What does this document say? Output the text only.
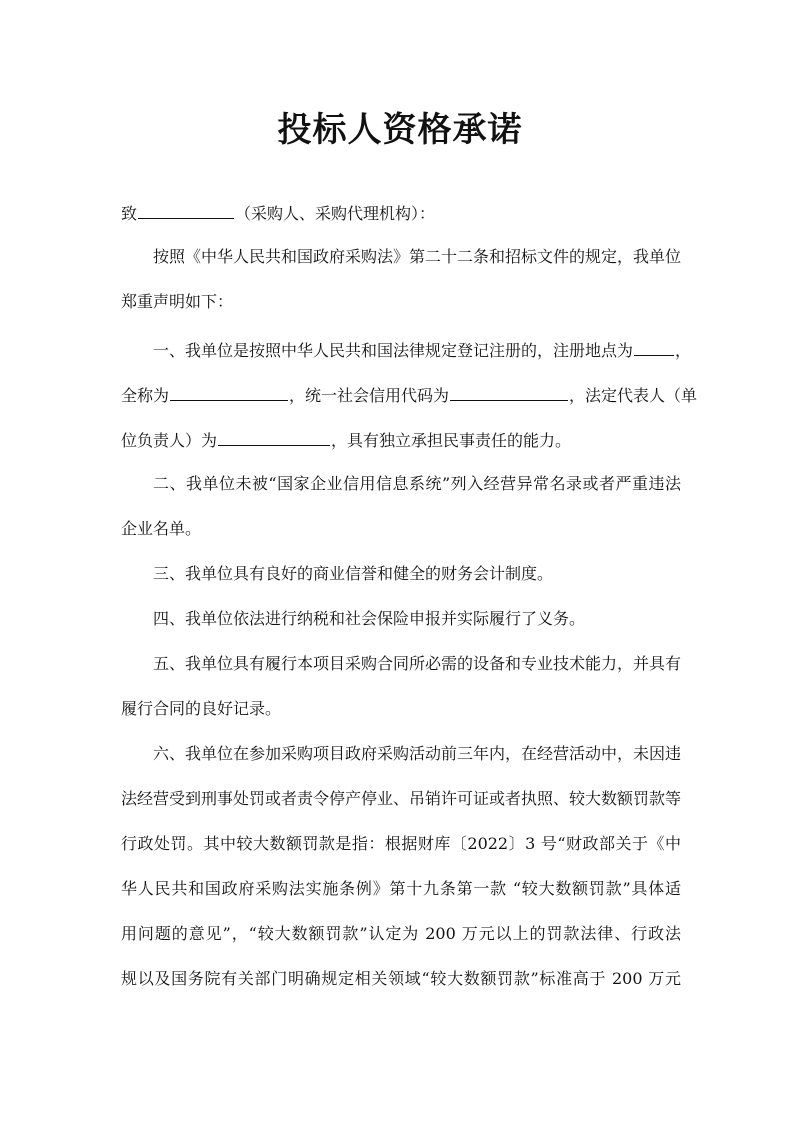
投标人资格承诺
致	（采购人、采购代理机构）：
按照《中华人民共和国政府采购法》第二十二条和招标文件的规定，我单位
郑重声明如下：
一、我单位是按照中华人民共和国法律规定登记注册的，注册地点为	，
全称为	，统一社会信用代码为	，法定代表人（单
位负责人）为	，具有独立承担民事责任的能力。
二、我单位未被“国家企业信用信息系统”列入经营异常名录或者严重违法
企业名单。
三、我单位具有良好的商业信誉和健全的财务会计制度。
四、我单位依法进行纳税和社会保险申报并实际履行了义务。
五、我单位具有履行本项目采购合同所必需的设备和专业技术能力，并具有
履行合同的良好记录。
六、我单位在参加采购项目政府采购活动前三年内，在经营活动中，未因违
法经营受到刑事处罚或者责令停产停业、吊销许可证或者执照、较大数额罚款等
行政处罚。其中较大数额罚款是指：根据财库〔2022〕3 号“财政部关于《中
华人民共和国政府采购法实施条例》第十九条第一款 “较大数额罚款”具体适
用问题的意见”，“较大数额罚款”认定为 200 万元以上的罚款法律、行政法
规以及国务院有关部门明确规定相关领域“较大数额罚款”标准高于 200 万元
